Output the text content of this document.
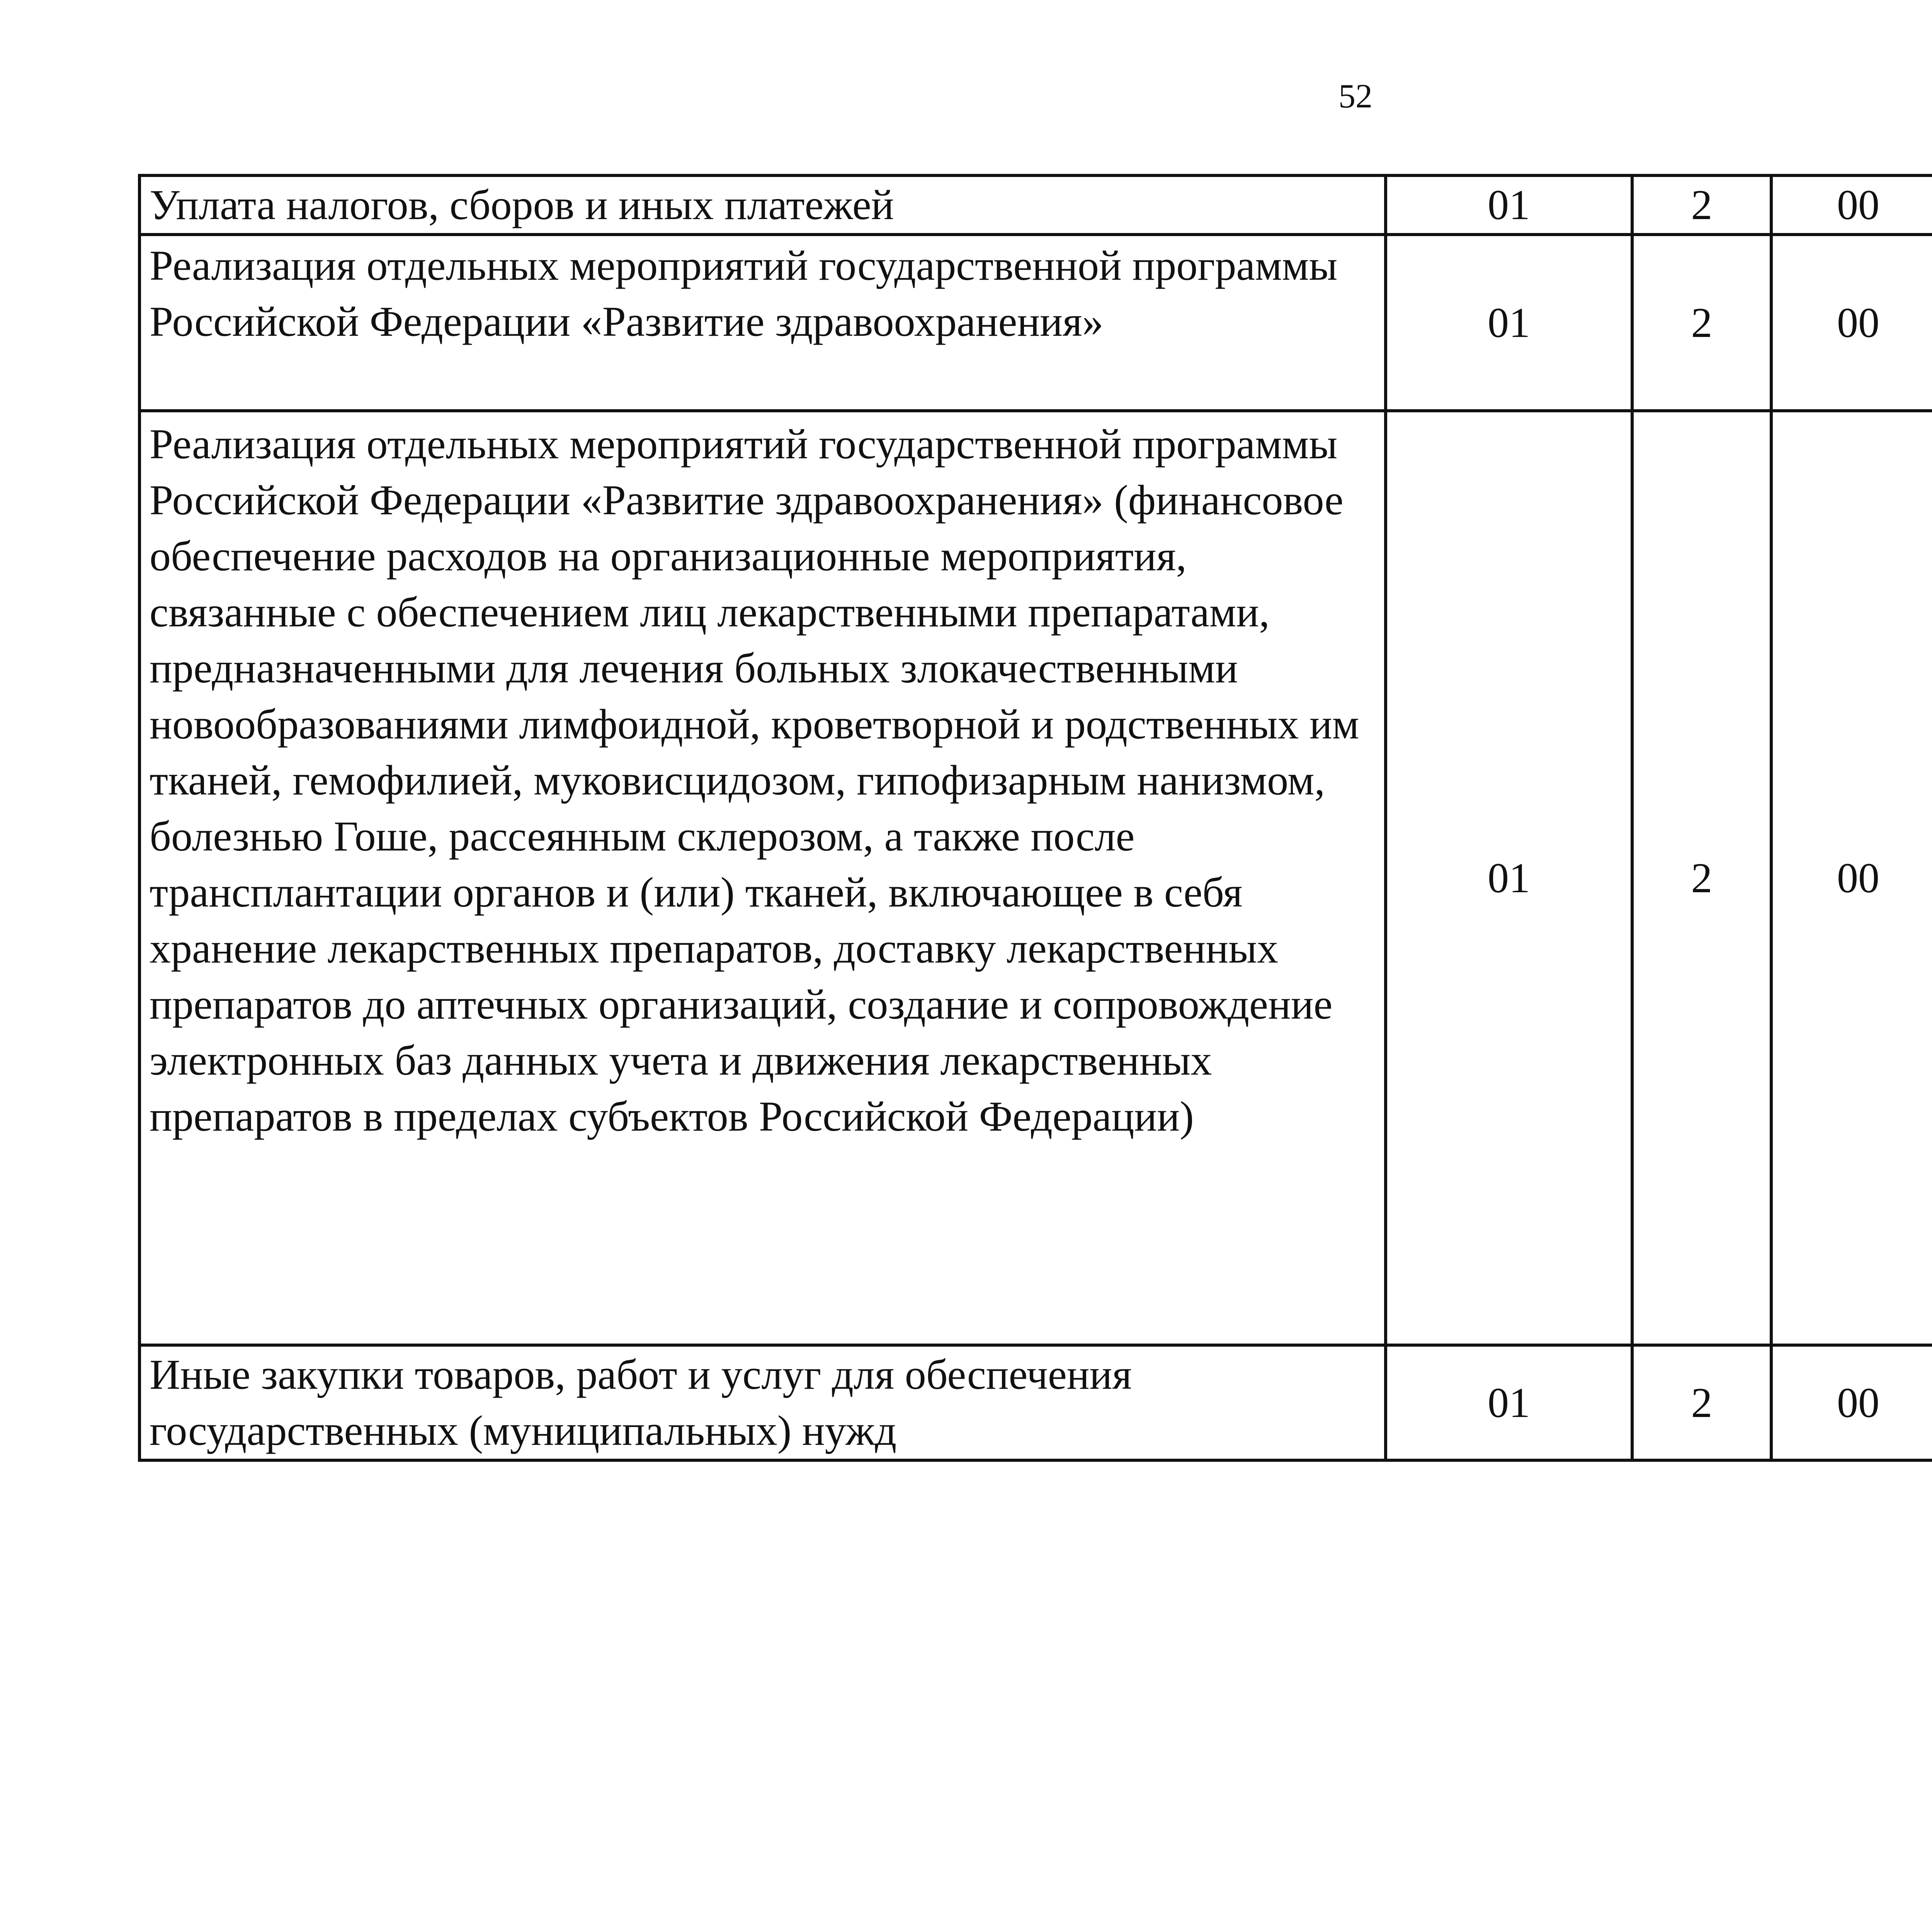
52
Уплата налогов, сборов и иных платежей	01	2	00			

Реализация отдельных мероприятий государственной программы Российской Федерации «Развитие здравоохранения»	01	2	00			

Реализация отдельных мероприятий государственной программы Российской Федерации «Развитие здравоохранения» (финансовое обеспечение расходов на организационные мероприятия, связанные с обеспечением лиц лекарственными препаратами, предназначенными для лечения больных злокачественными новообразованиями лимфоидной, кроветворной и родственных им тканей, гемофилией, муковисцидозом, гипофизарным нанизмом, болезнью Гоше, рассеянным склерозом, а также после трансплантации органов и (или) тканей, включающее в себя хранение лекарственных препаратов, доставку лекарственных препаратов до аптечных организаций, создание и сопровождение электронных баз данных учета и движения лекарственных препаратов в пределах субъектов Российской Федерации)	01	2	00			

Иные закупки товаров, работ и услуг для обеспечения государственных (муниципальных) нужд	01	2	00			
